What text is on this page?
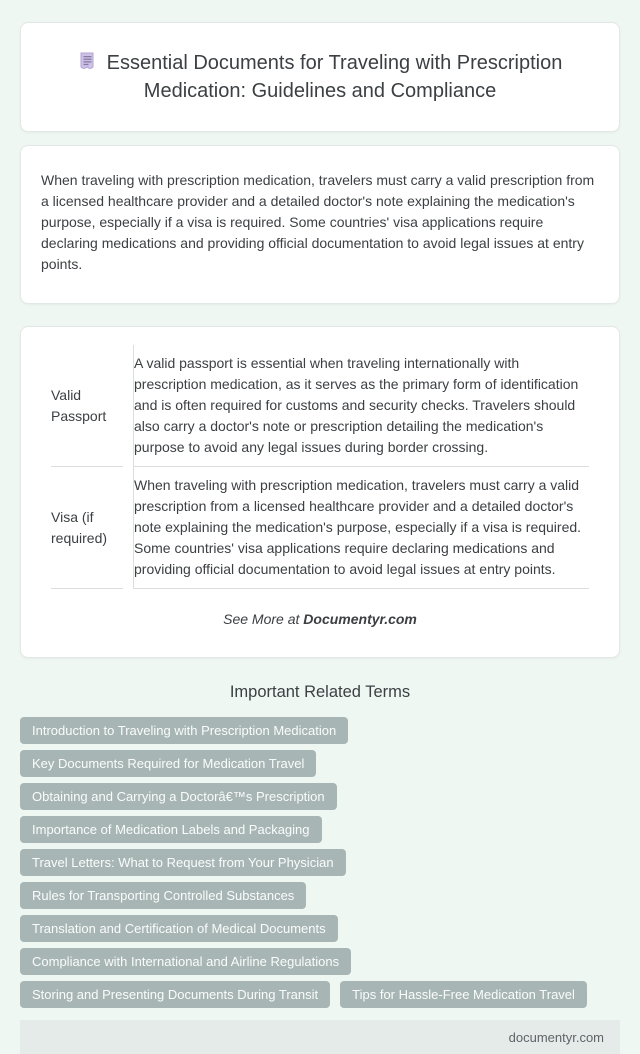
Essential Documents for Traveling with Prescription Medication: Guidelines and Compliance

When traveling with prescription medication, travelers must carry a valid prescription from a licensed healthcare provider and a detailed doctor's note explaining the medication's purpose, especially if a visa is required. Some countries' visa applications require declaring medications and providing official documentation to avoid legal issues at entry points.

Valid Passport	A valid passport is essential when traveling internationally with prescription medication, as it serves as the primary form of identification and is often required for customs and security checks. Travelers should also carry a doctor's note or prescription detailing the medication's purpose to avoid any legal issues during border crossing.
Visa (if required)	When traveling with prescription medication, travelers must carry a valid prescription from a licensed healthcare provider and a detailed doctor's note explaining the medication's purpose, especially if a visa is required. Some countries' visa applications require declaring medications and providing official documentation to avoid legal issues at entry points.
See More at Documentyr.com
Important Related Terms
Introduction to Traveling with Prescription Medication
Key Documents Required for Medication Travel
Obtaining and Carrying a Doctorâ€™s Prescription
Importance of Medication Labels and Packaging
Travel Letters: What to Request from Your Physician
Rules for Transporting Controlled Substances
Translation and Certification of Medical Documents
Compliance with International and Airline Regulations
Storing and Presenting Documents During Transit	Tips for Hassle-Free Medication Travel
documentyr.com
